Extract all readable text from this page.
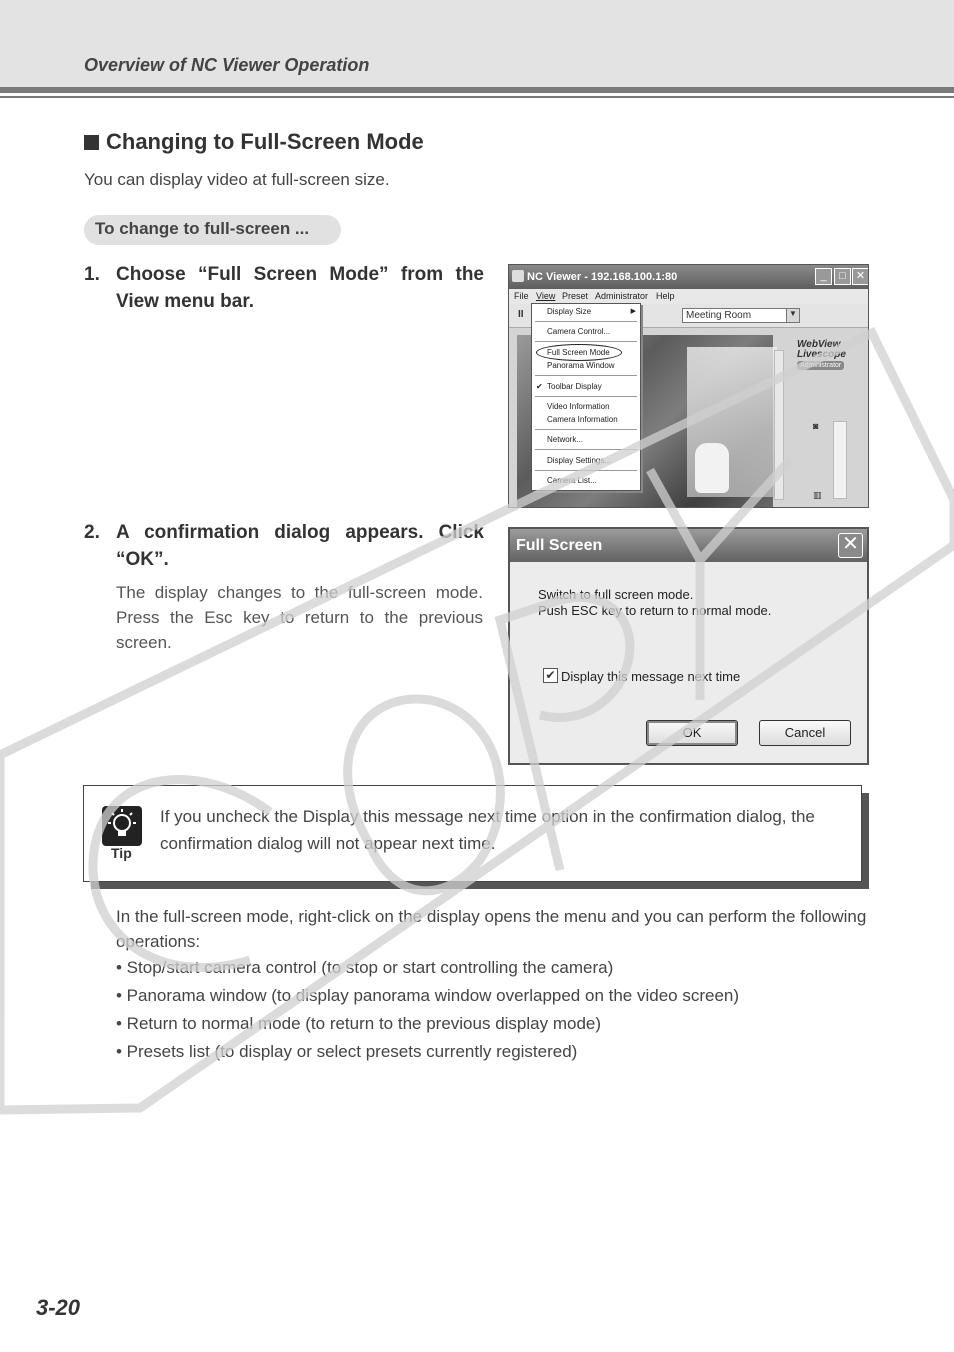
Overview of NC Viewer Operation
Changing to Full-Screen Mode
You can display video at full-screen size.
To change to full-screen ...
1. Choose “Full Screen Mode” from the View menu bar.
NC Viewer - 192.168.100.1:80	_	□ ✕
File View Preset Administrator Help
II	Meeting Room	▼
WebView
Livescope
Administrator
◙
▥
Display Size	▶
Camera Control...
Full Screen Mode
Panorama Window
✔ Toolbar Display
Video Information
Camera Information
Network...
Display Settings...
Camera List...
2. A confirmation dialog appears. Click “OK”.
The display changes to the full-screen mode. Press the Esc key to return to the previous screen.
Full Screen	✕
Switch to full screen mode.
Push ESC key to return to normal mode.
✔ Display this message next time
OK	Cancel
Tip
If you uncheck the Display this message next time option in the confirmation dialog, the confirmation dialog will not appear next time.
In the full-screen mode, right-click on the display opens the menu and you can perform the following operations:
• Stop/start camera control (to stop or start controlling the camera)
• Panorama window (to display panorama window overlapped on the video screen)
• Return to normal mode (to return to the previous display mode)
• Presets list (to display or select presets currently registered)
3-20
